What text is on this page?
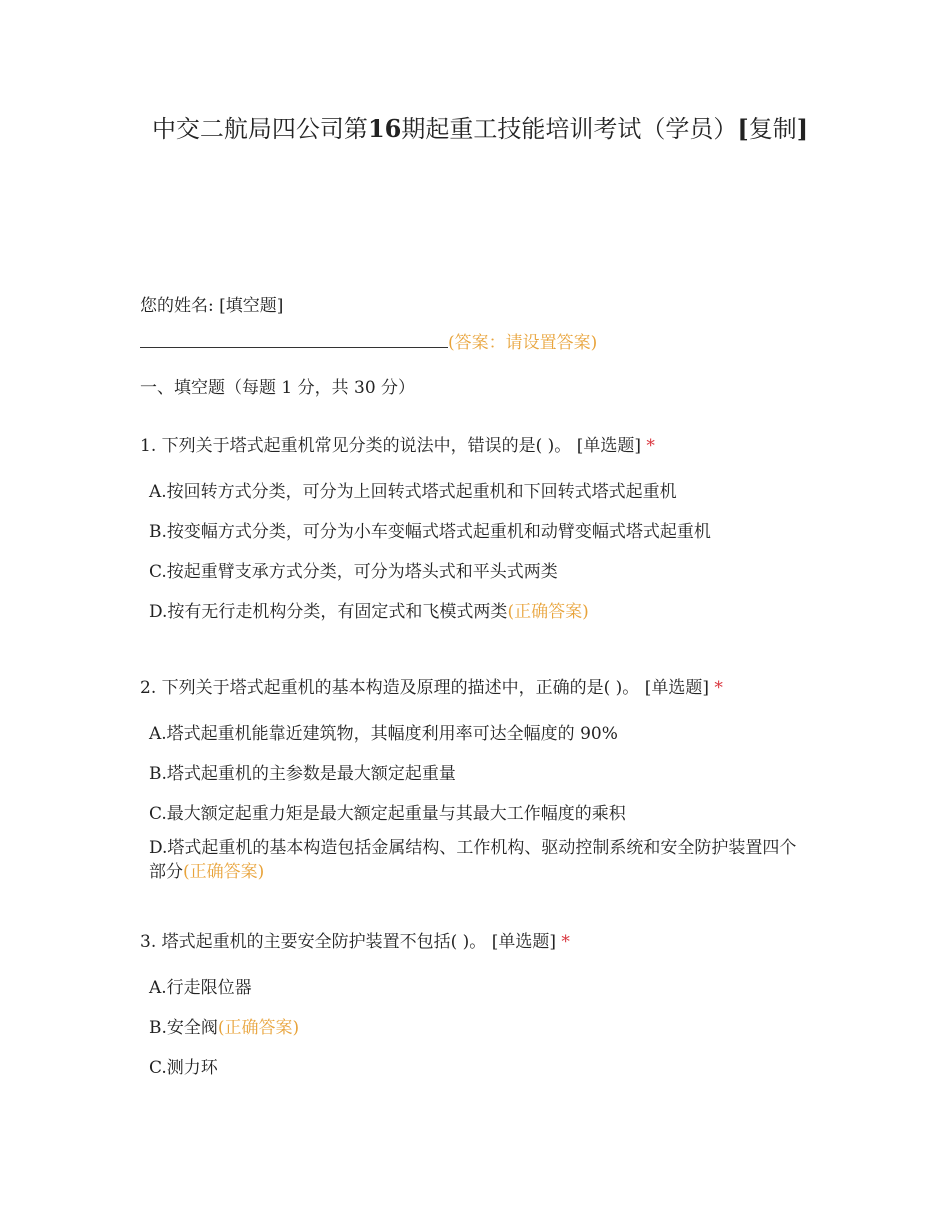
中交二航局四公司第16期起重工技能培训考试（学员）[复制]
您的姓名: [填空题]
(答案：请设置答案)
一、填空题（每题 1 分，共 30 分）
1. 下列关于塔式起重机常见分类的说法中，错误的是( )。 [单选题] *
A.按回转方式分类，可分为上回转式塔式起重机和下回转式塔式起重机
B.按变幅方式分类，可分为小车变幅式塔式起重机和动臂变幅式塔式起重机
C.按起重臂支承方式分类，可分为塔头式和平头式两类
D.按有无行走机构分类，有固定式和飞模式两类(正确答案)
2. 下列关于塔式起重机的基本构造及原理的描述中，正确的是( )。 [单选题] *
A.塔式起重机能靠近建筑物，其幅度利用率可达全幅度的 90%
B.塔式起重机的主参数是最大额定起重量
C.最大额定起重力矩是最大额定起重量与其最大工作幅度的乘积
D.塔式起重机的基本构造包括金属结构、工作机构、驱动控制系统和安全防护装置四个部分(正确答案)
3. 塔式起重机的主要安全防护装置不包括( )。 [单选题] *
A.行走限位器
B.安全阀(正确答案)
C.测力环
